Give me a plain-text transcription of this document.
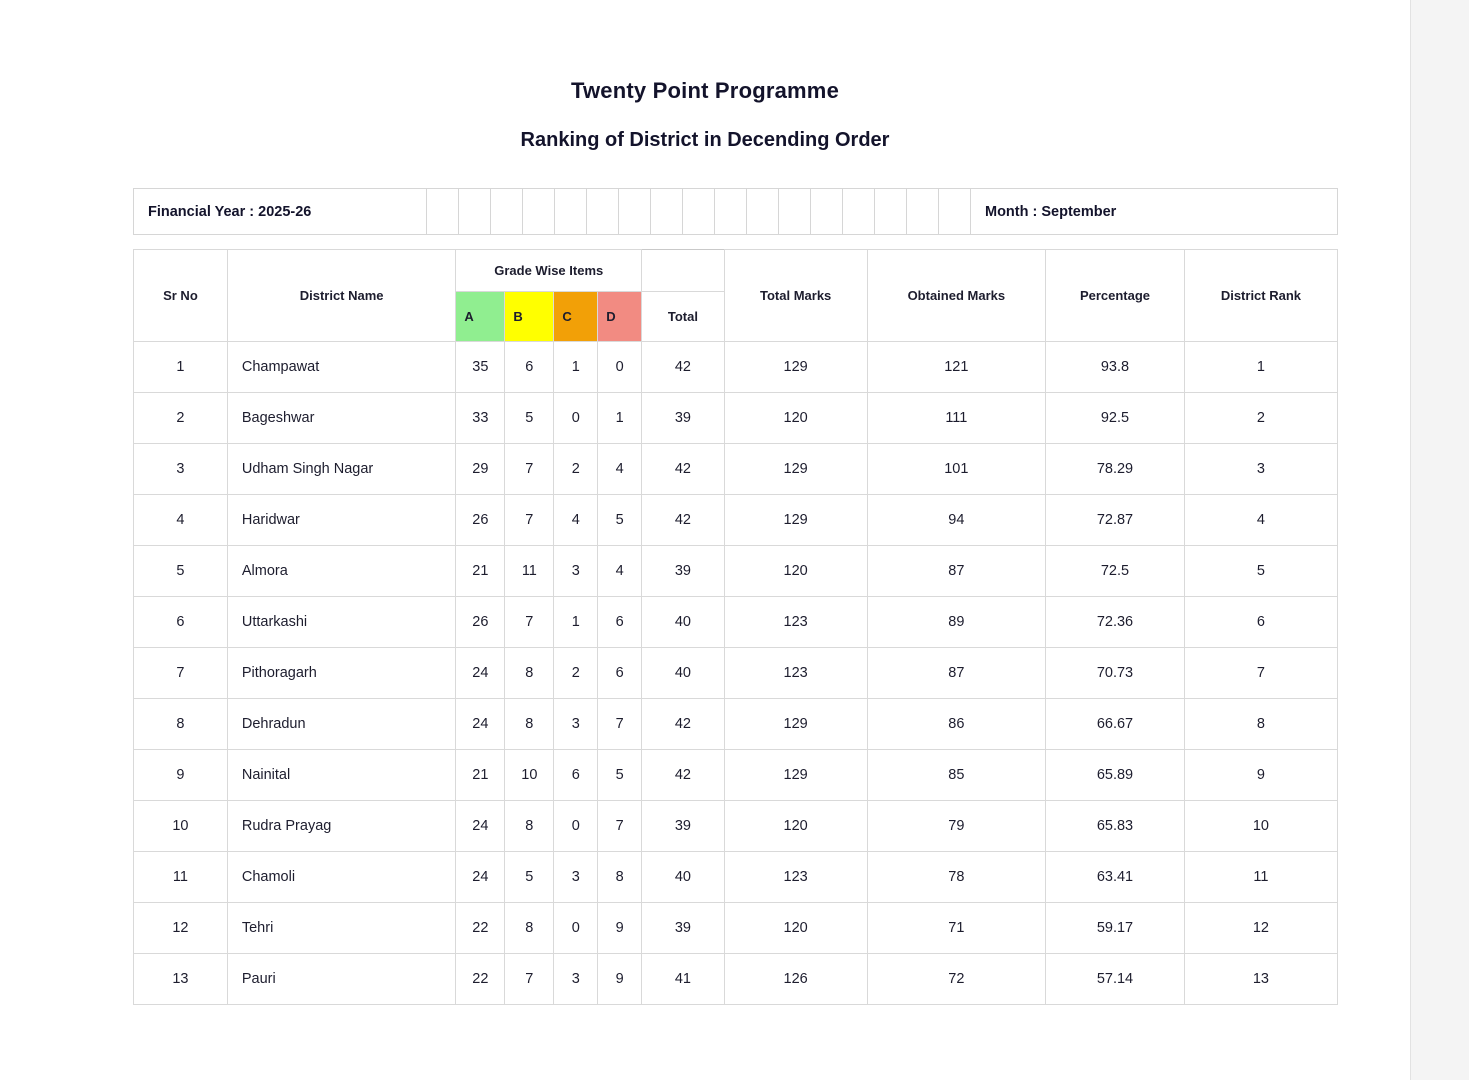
Twenty Point Programme
Ranking of District in Decending Order
Financial Year : 2025-26																		Month : September
Sr No	District Name	Grade Wise Items					Total Marks	Obtained Marks	Percentage	District Rank
		A	B	C	D	Total				
1	Champawat	35	6	1	0	42	129	121	93.8	1
2	Bageshwar	33	5	0	1	39	120	111	92.5	2
3	Udham Singh Nagar	29	7	2	4	42	129	101	78.29	3
4	Haridwar	26	7	4	5	42	129	94	72.87	4
5	Almora	21	11	3	4	39	120	87	72.5	5
6	Uttarkashi	26	7	1	6	40	123	89	72.36	6
7	Pithoragarh	24	8	2	6	40	123	87	70.73	7
8	Dehradun	24	8	3	7	42	129	86	66.67	8
9	Nainital	21	10	6	5	42	129	85	65.89	9
10	Rudra Prayag	24	8	0	7	39	120	79	65.83	10
11	Chamoli	24	5	3	8	40	123	78	63.41	11
12	Tehri	22	8	0	9	39	120	71	59.17	12
13	Pauri	22	7	3	9	41	126	72	57.14	13
